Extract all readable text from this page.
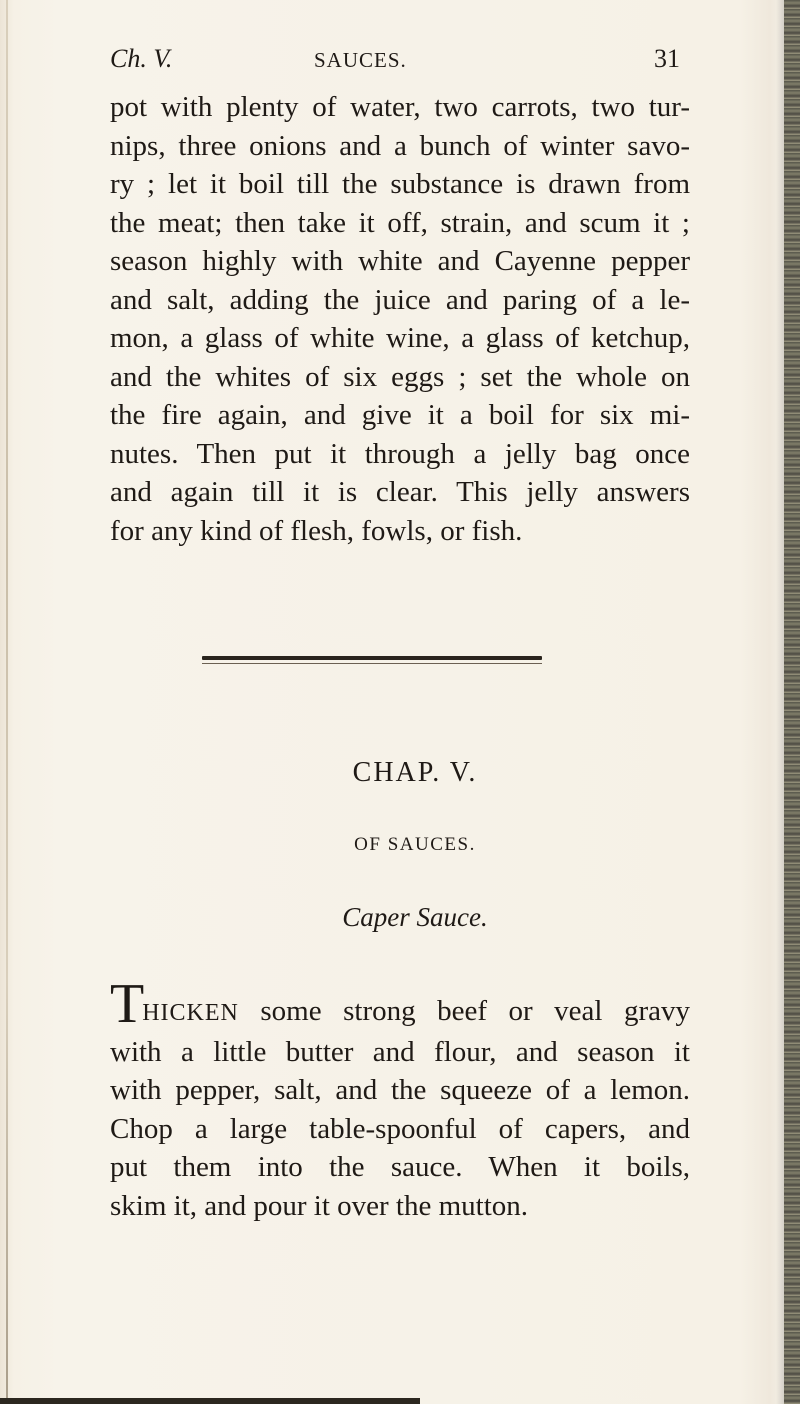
Ch. V.	SAUCES.	31
pot with plenty of water, two carrots, two tur-
nips, three onions and a bunch of winter savo-
ry ; let it boil till the substance is drawn from
the meat; then take it off, strain, and scum it ;
season highly with white and Cayenne pepper
and salt, adding the juice and paring of a le-
mon, a glass of white wine, a glass of ketchup,
and the whites of six eggs ; set the whole on
the fire again, and give it a boil for six mi-
nutes. Then put it through a jelly bag once
and again till it is clear. This jelly answers
for any kind of flesh, fowls, or fish.
CHAP. V.
OF SAUCES.
Caper Sauce.
THICKEN some strong beef or veal gravy
with a little butter and flour, and season it
with pepper, salt, and the squeeze of a lemon.
Chop a large table-spoonful of capers, and
put them into the sauce. When it boils,
skim it, and pour it over the mutton.
